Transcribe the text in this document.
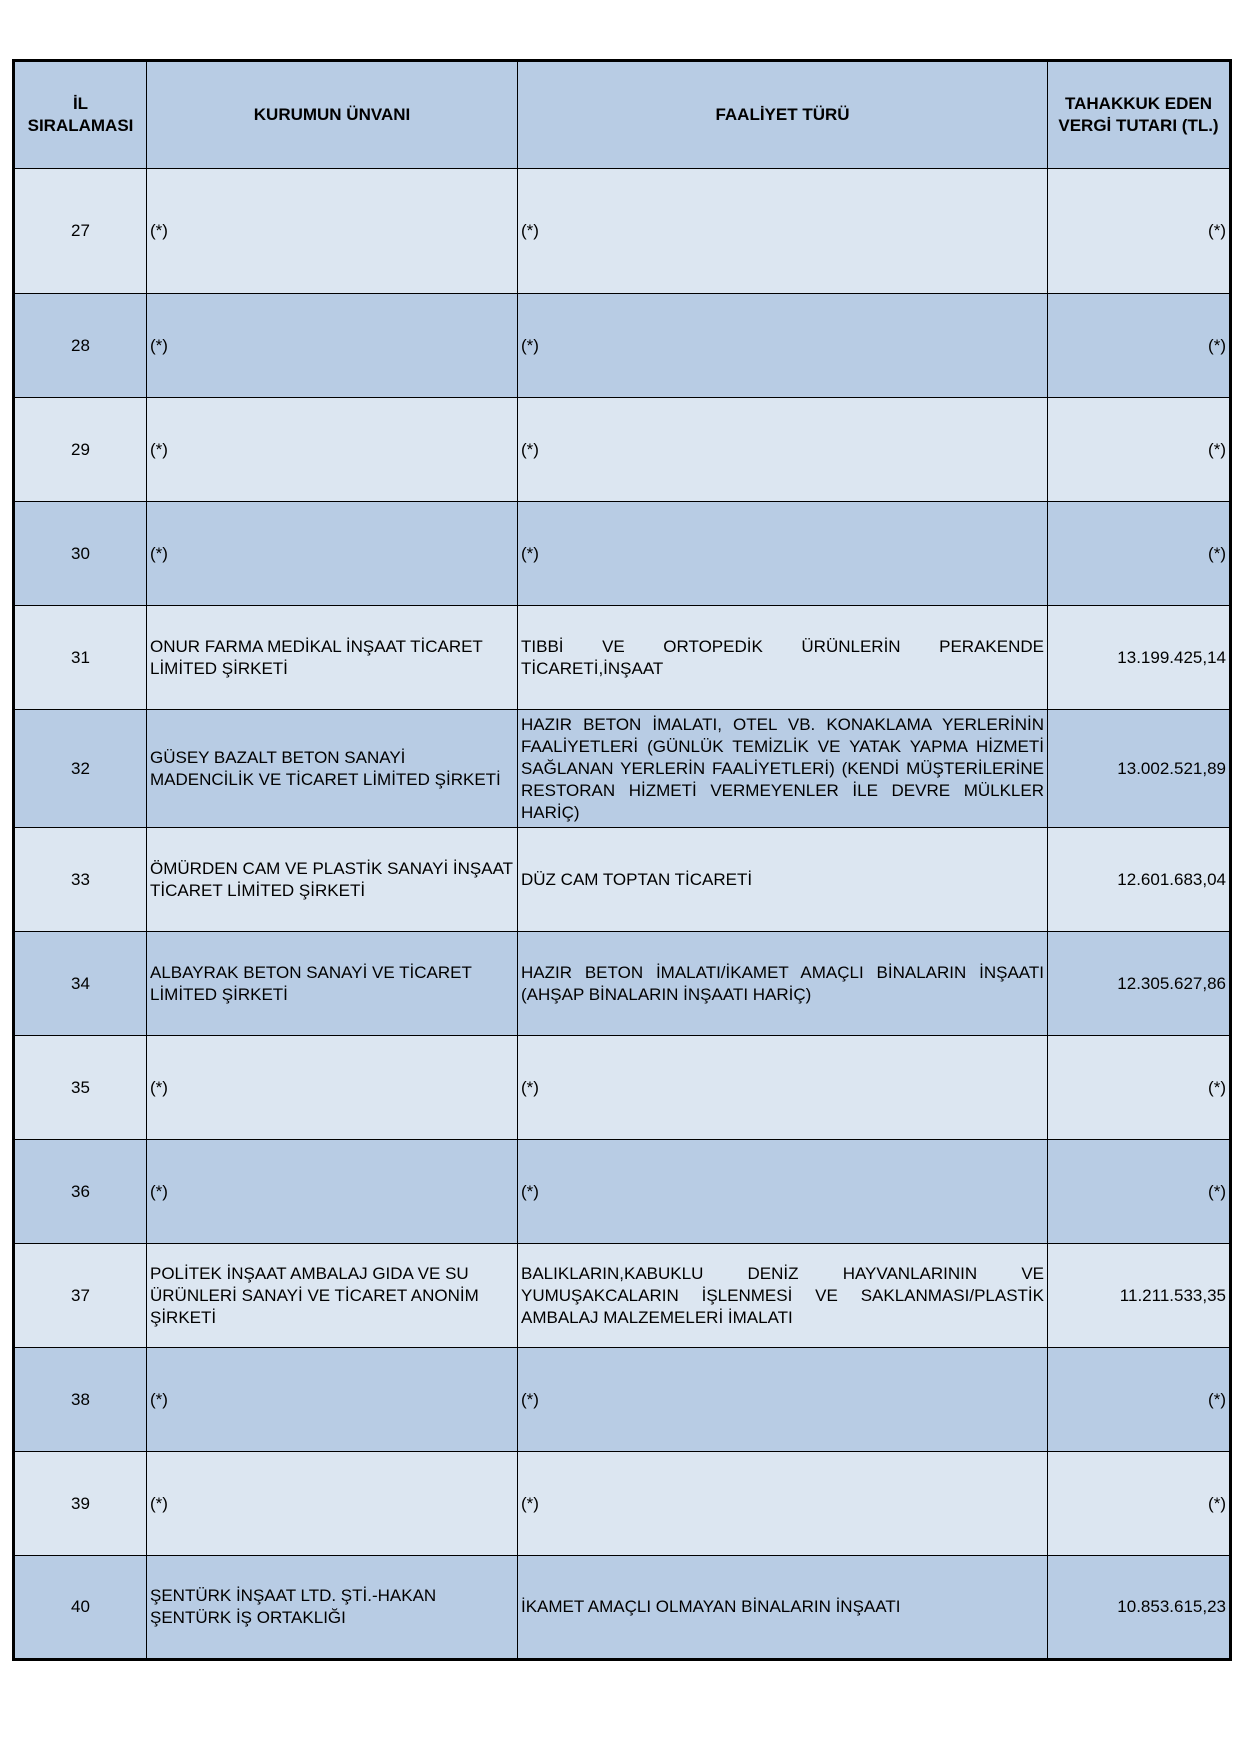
İL SIRALAMASI	KURUMUN ÜNVANI	FAALİYET TÜRÜ	TAHAKKUK EDEN VERGİ TUTARI (TL.)
27	(*)	(*)	(*)
28	(*)	(*)	(*)
29	(*)	(*)	(*)
30	(*)	(*)	(*)
31	ONUR FARMA MEDİKAL İNŞAAT TİCARET LİMİTED ŞİRKETİ	TIBBİ VE ORTOPEDİK ÜRÜNLERİN PERAKENDE TİCARETİ,İNŞAAT	13.199.425,14
32	GÜSEY BAZALT BETON SANAYİ MADENCİLİK VE TİCARET LİMİTED ŞİRKETİ	HAZIR BETON İMALATI, OTEL VB. KONAKLAMA YERLERİNİN FAALİYETLERİ (GÜNLÜK TEMİZLİK VE YATAK YAPMA HİZMETİ SAĞLANAN YERLERİN FAALİYETLERİ) (KENDİ MÜŞTERİLERİNE RESTORAN HİZMETİ VERMEYENLER İLE DEVRE MÜLKLER HARİÇ)	13.002.521,89
33	ÖMÜRDEN CAM VE PLASTİK SANAYİ İNŞAAT TİCARET LİMİTED ŞİRKETİ	DÜZ CAM TOPTAN TİCARETİ	12.601.683,04
34	ALBAYRAK BETON SANAYİ VE TİCARET LİMİTED ŞİRKETİ	HAZIR BETON İMALATI/İKAMET AMAÇLI BİNALARIN İNŞAATI (AHŞAP BİNALARIN İNŞAATI HARİÇ)	12.305.627,86
35	(*)	(*)	(*)
36	(*)	(*)	(*)
37	POLİTEK İNŞAAT AMBALAJ GIDA VE SU ÜRÜNLERİ SANAYİ VE TİCARET ANONİM ŞİRKETİ	BALIKLARIN,KABUKLU DENİZ HAYVANLARININ VE YUMUŞAKCALARIN İŞLENMESİ VE SAKLANMASI/PLASTİK AMBALAJ MALZEMELERİ İMALATI	11.211.533,35
38	(*)	(*)	(*)
39	(*)	(*)	(*)
40	ŞENTÜRK İNŞAAT LTD. ŞTİ.-HAKAN ŞENTÜRK İŞ ORTAKLIĞI	İKAMET AMAÇLI OLMAYAN BİNALARIN İNŞAATI	10.853.615,23
